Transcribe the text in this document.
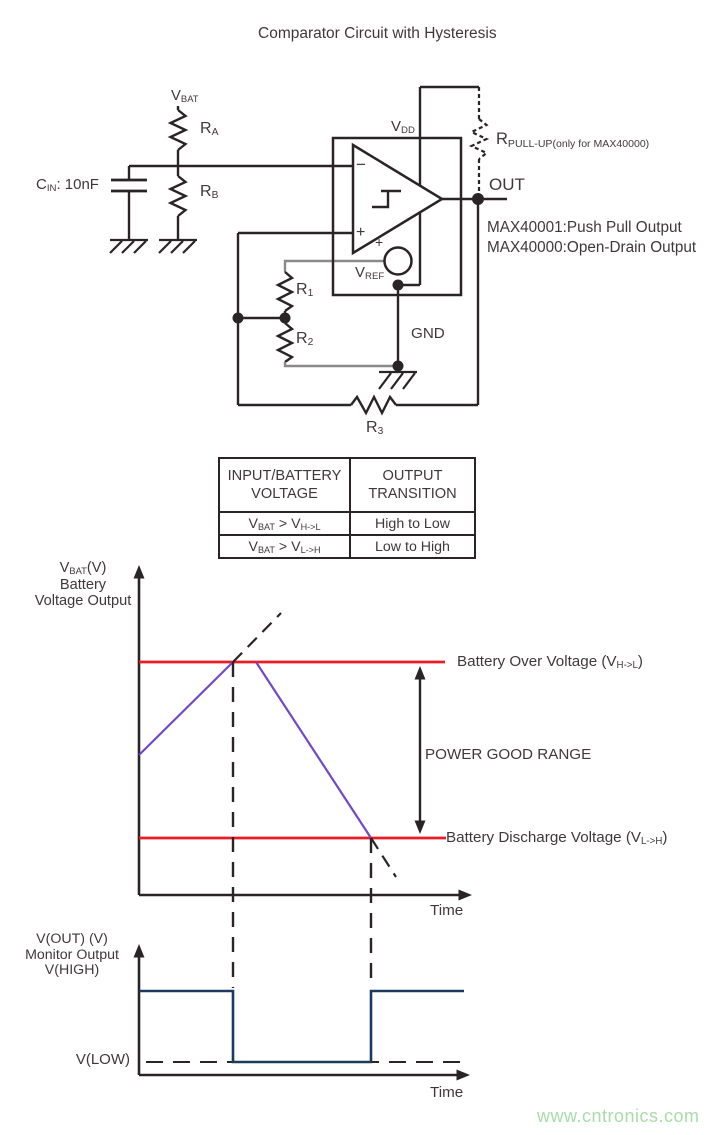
Comparator Circuit with Hysteresis
$V_{BAT}$
$R_A$
$R_B$
$C_{IN}$: 10nF
$V_{DD}$	$R_{PULL-UP(only for MAX40000)}$
OUT
MAX40001:Push Pull Output
MAX40000:Open-Drain Output
$V_{REF}$
GND
$R_1$
$R_2$
$R_3$
−
+
+
INPUT/BATTERY VOLTAGE	OUTPUT TRANSITION
$V_{BAT} > V_{H->L}$	High to Low
$V_{BAT} > V_{L->H}$	Low to High
$V_{BAT}(V)$
Battery
Voltage Output
Battery Over Voltage $(V_{H->L})$
POWER GOOD RANGE
Battery Discharge Voltage $(V_{L->H})$
Time
V(OUT) (V)
Monitor Output
V(HIGH)
V(LOW)
Time
www.cntronics.com
